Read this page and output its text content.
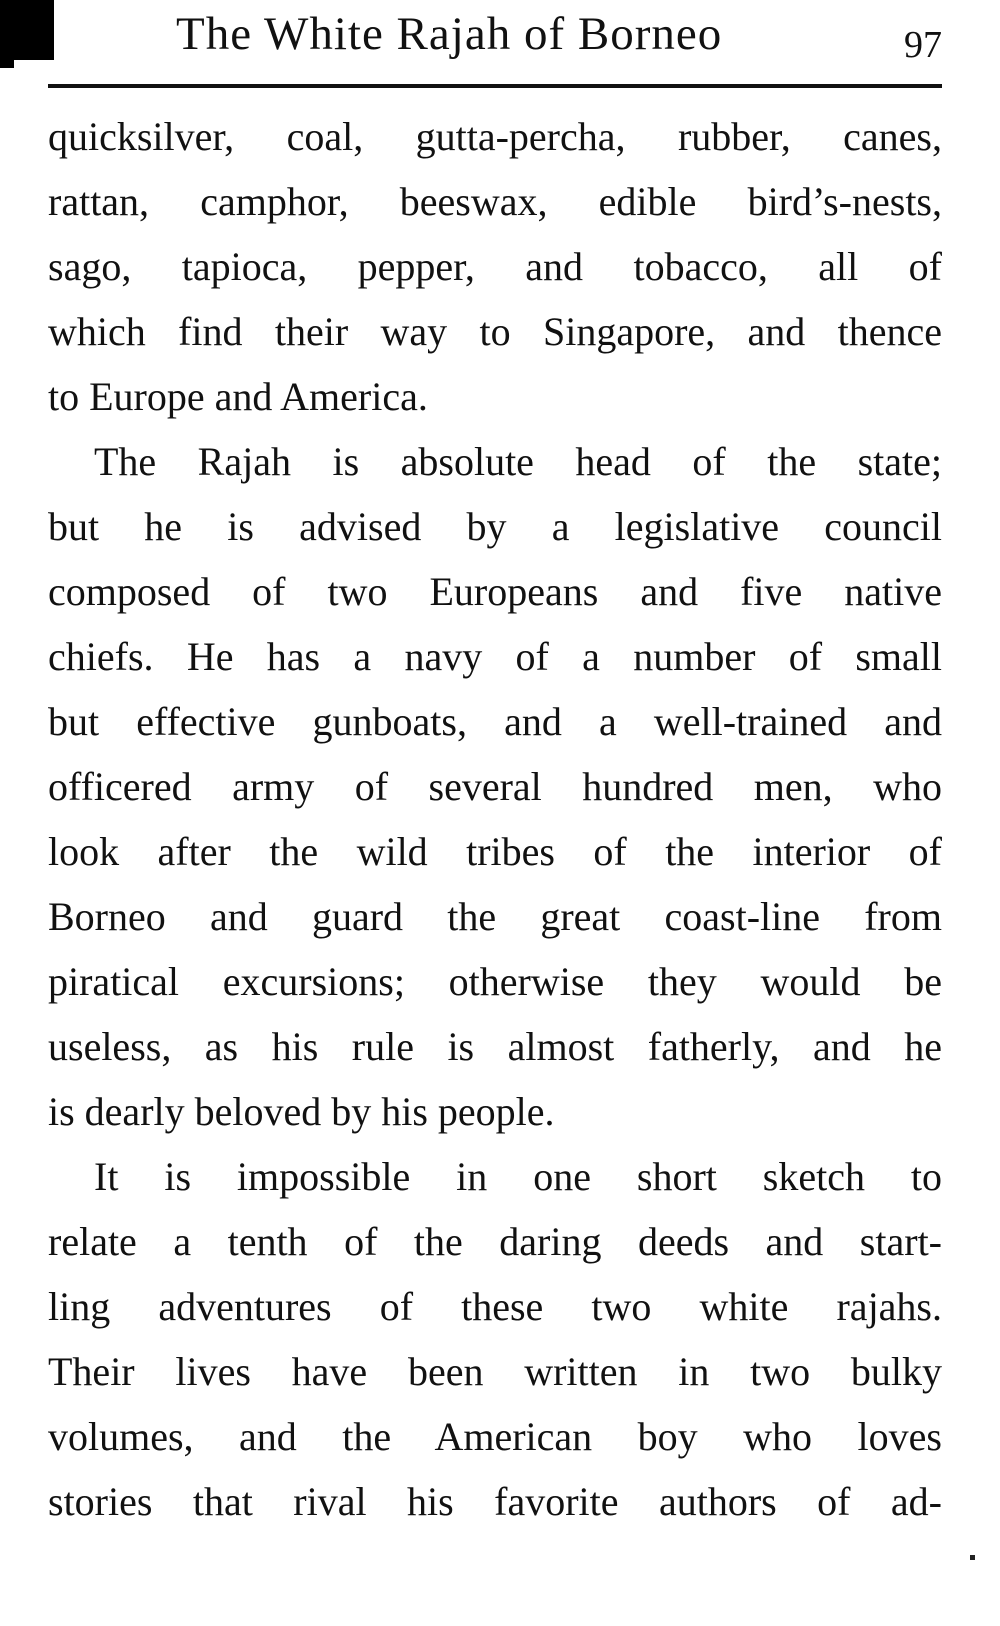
The White Rajah of Borneo	97
quicksilver, coal, gutta-percha, rubber, canes,
rattan, camphor, beeswax, edible bird’s-nests,
sago, tapioca, pepper, and tobacco, all of
which find their way to Singapore, and thence
to Europe and America.
The Rajah is absolute head of the state;
but he is advised by a legislative council
composed of two Europeans and five native
chiefs. He has a navy of a number of small
but effective gunboats, and a well-trained and
officered army of several hundred men, who
look after the wild tribes of the interior of
Borneo and guard the great coast-line from
piratical excursions; otherwise they would be
useless, as his rule is almost fatherly, and he
is dearly beloved by his people.
It is impossible in one short sketch to
relate a tenth of the daring deeds and start-
ling adventures of these two white rajahs.
Their lives have been written in two bulky
volumes, and the American boy who loves
stories that rival his favorite authors of ad-
